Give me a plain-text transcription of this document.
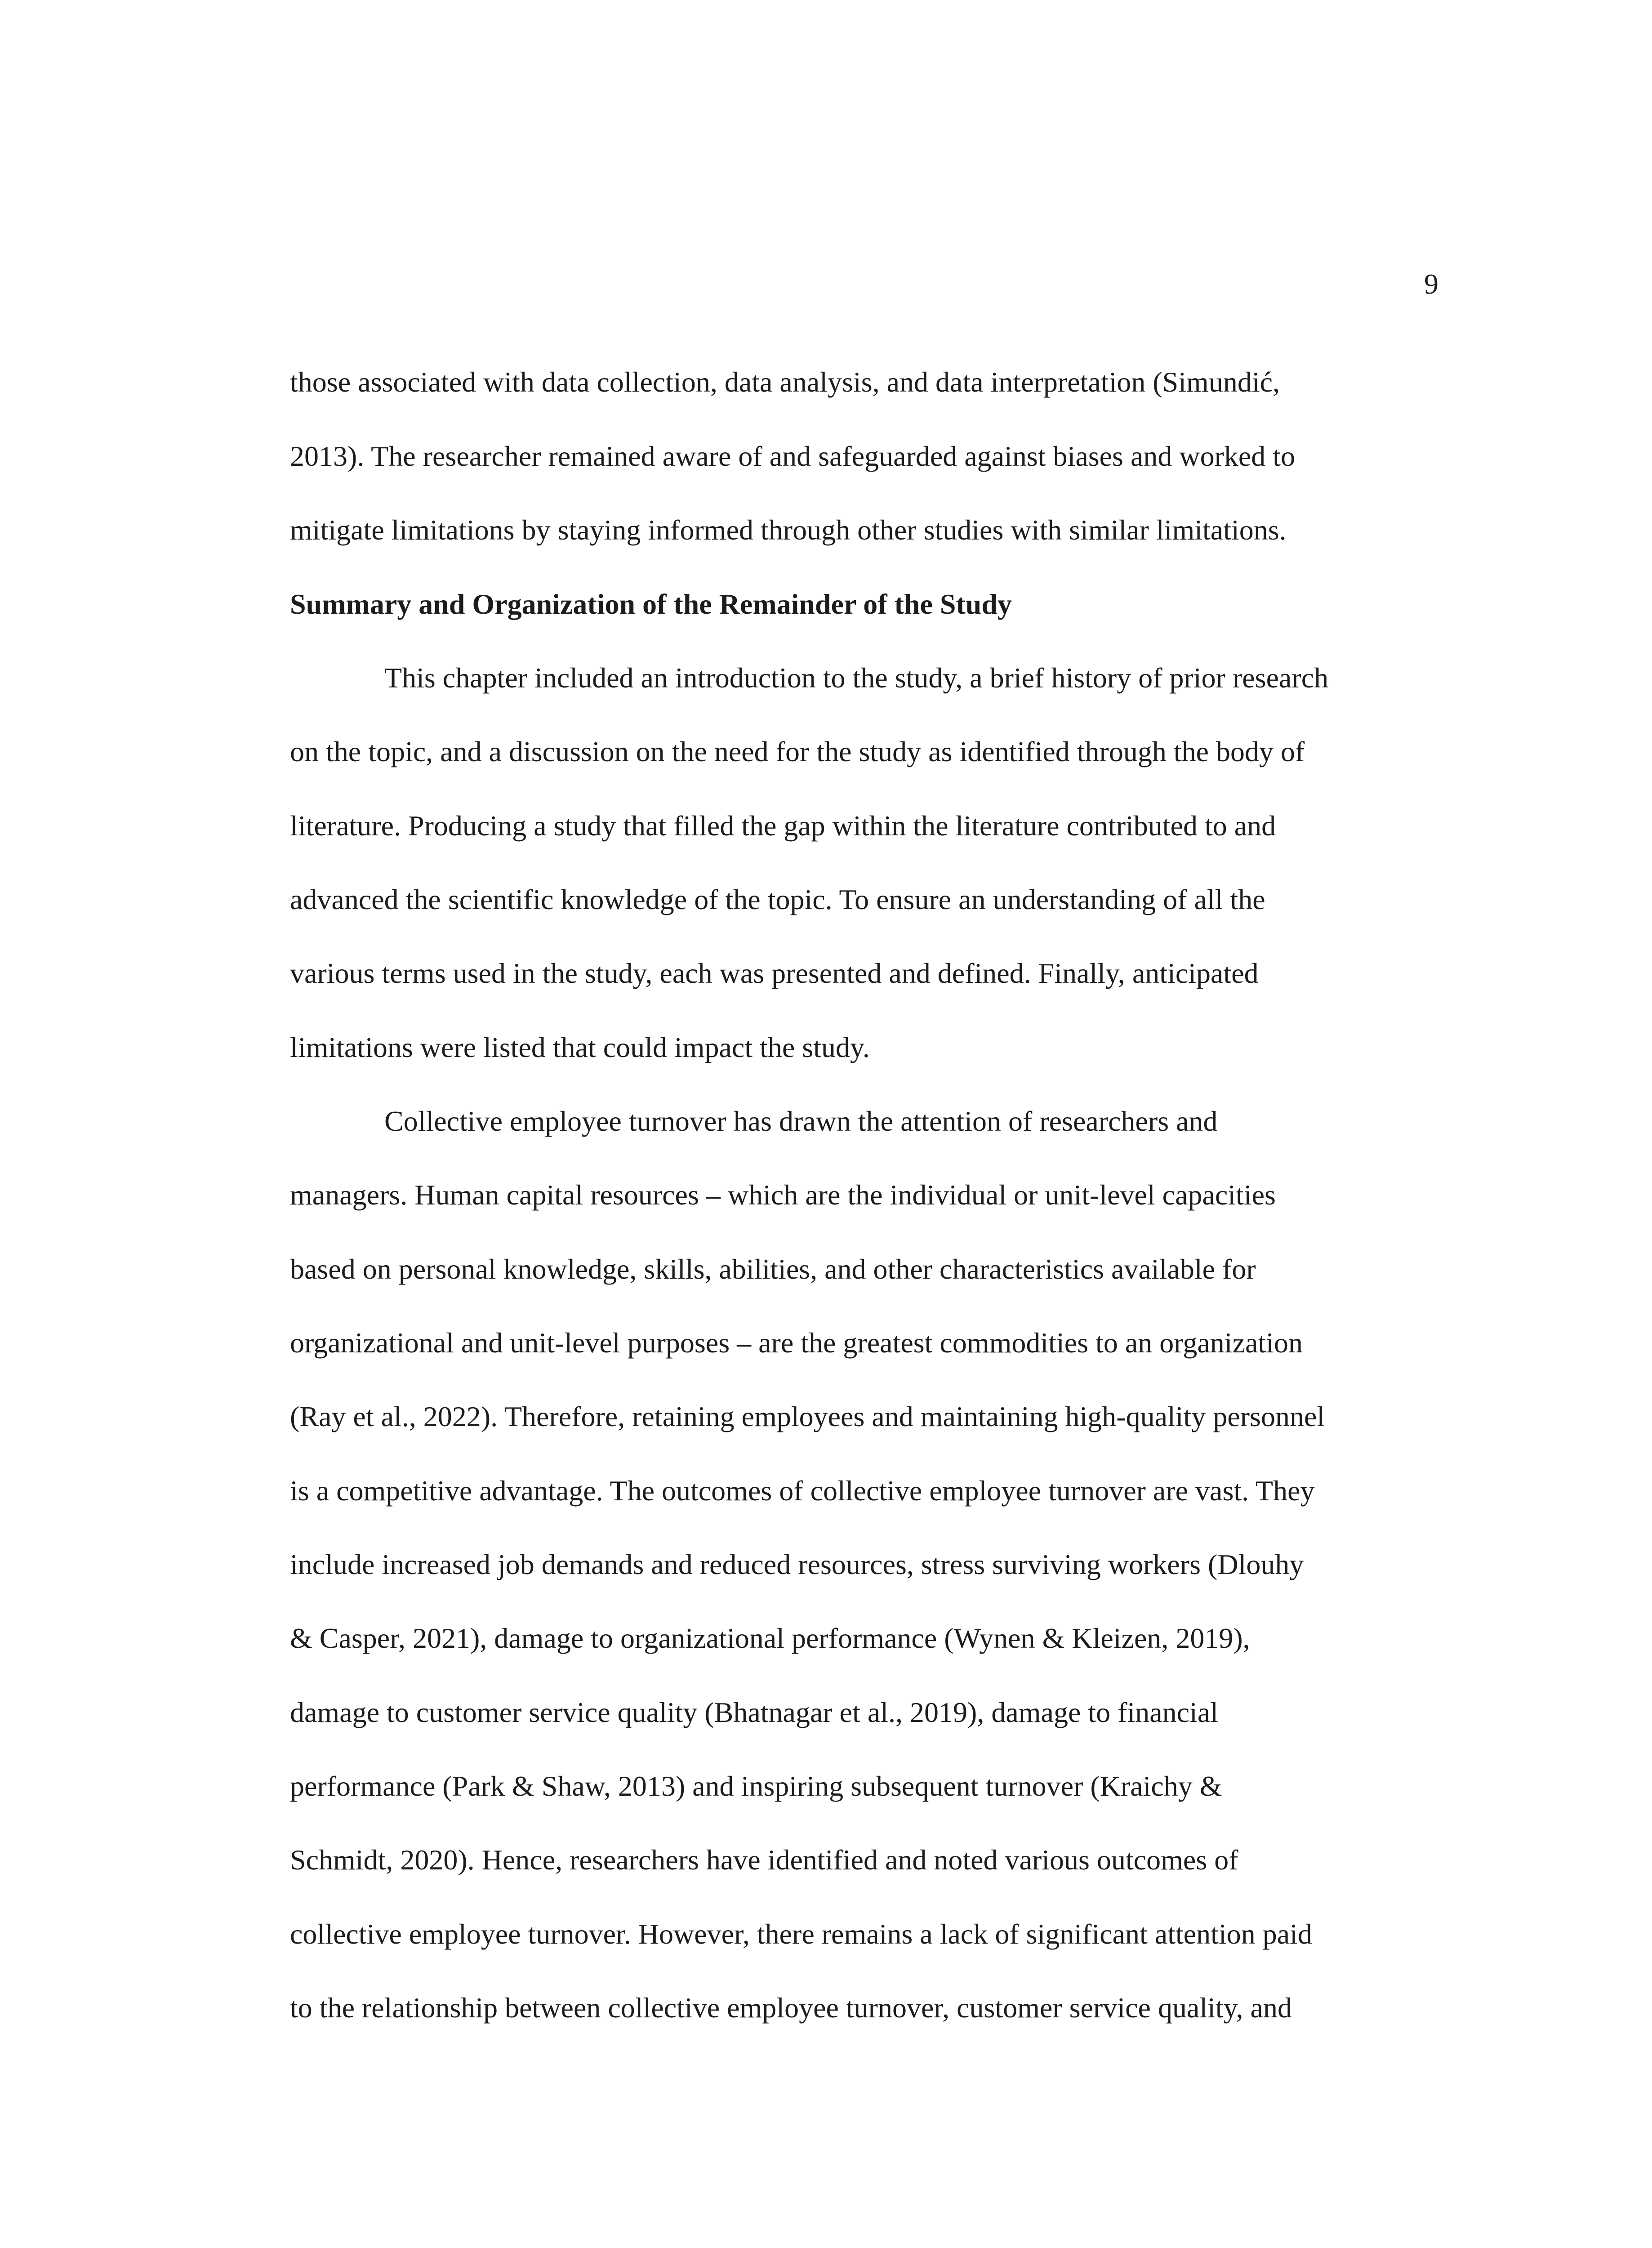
9
those associated with data collection, data analysis, and data interpretation (Simundić,
2013). The researcher remained aware of and safeguarded against biases and worked to
mitigate limitations by staying informed through other studies with similar limitations.
Summary and Organization of the Remainder of the Study
This chapter included an introduction to the study, a brief history of prior research
on the topic, and a discussion on the need for the study as identified through the body of
literature. Producing a study that filled the gap within the literature contributed to and
advanced the scientific knowledge of the topic. To ensure an understanding of all the
various terms used in the study, each was presented and defined. Finally, anticipated
limitations were listed that could impact the study.
Collective employee turnover has drawn the attention of researchers and
managers. Human capital resources – which are the individual or unit-level capacities
based on personal knowledge, skills, abilities, and other characteristics available for
organizational and unit-level purposes – are the greatest commodities to an organization
(Ray et al., 2022). Therefore, retaining employees and maintaining high-quality personnel
is a competitive advantage. The outcomes of collective employee turnover are vast. They
include increased job demands and reduced resources, stress surviving workers (Dlouhy
& Casper, 2021), damage to organizational performance (Wynen & Kleizen, 2019),
damage to customer service quality (Bhatnagar et al., 2019), damage to financial
performance (Park & Shaw, 2013) and inspiring subsequent turnover (Kraichy &
Schmidt, 2020). Hence, researchers have identified and noted various outcomes of
collective employee turnover. However, there remains a lack of significant attention paid
to the relationship between collective employee turnover, customer service quality, and
